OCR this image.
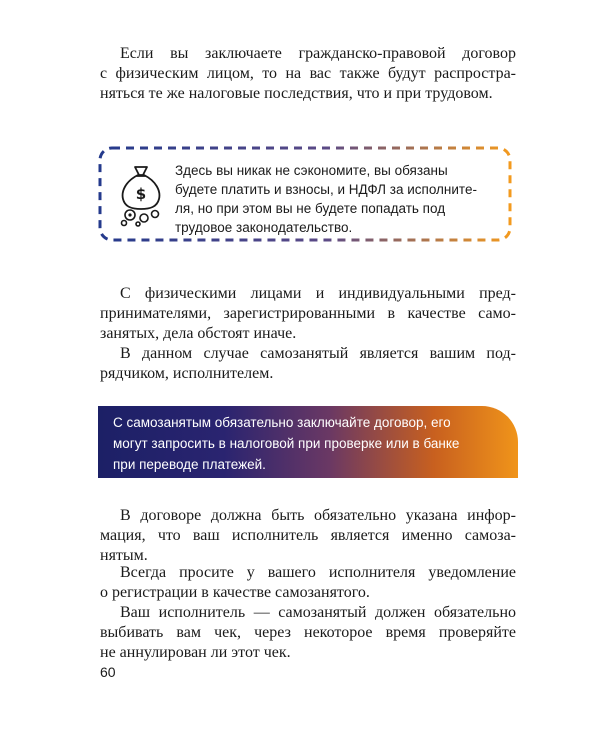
Если вы заключаете гражданско-правовой договор
с физическим лицом, то на вас также будут распростра-
няться те же налоговые последствия, что и при трудовом.
$
Здесь вы никак не сэкономите, вы обязаны
будете платить и взносы, и НДФЛ за исполните-
ля, но при этом вы не будете попадать под
трудовое законодательство.
С физическими лицами и индивидуальными пред-
принимателями, зарегистрированными в качестве само-
занятых, дела обстоят иначе.
В данном случае самозанятый является вашим под-
рядчиком, исполнителем.
С самозанятым обязательно заключайте договор, его
могут запросить в налоговой при проверке или в банке
при переводе платежей.
В договоре должна быть обязательно указана инфор-
мация, что ваш исполнитель является именно самоза-
нятым.
Всегда просите у вашего исполнителя уведомление
о регистрации в качестве самозанятого.
Ваш исполнитель — самозанятый должен обязательно
выбивать вам чек, через некоторое время проверяйте
не аннулирован ли этот чек.
60
